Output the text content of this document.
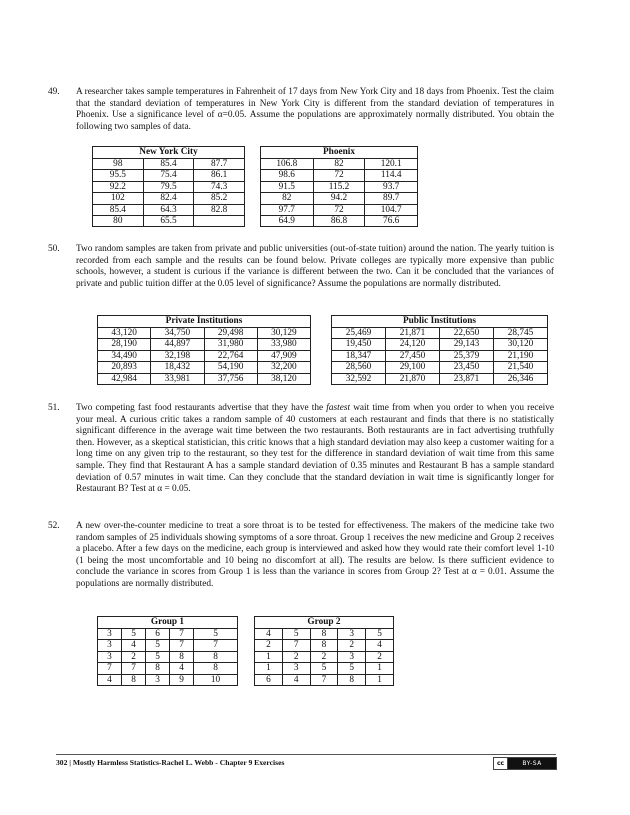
49. A researcher takes sample temperatures in Fahrenheit of 17 days from New York City and 18 days from Phoenix. Test the claim that the standard deviation of temperatures in New York City is different from the standard deviation of temperatures in Phoenix. Use a significance level of α=0.05. Assume the populations are approximately normally distributed. You obtain the following two samples of data.

New York City		
98	85.4	87.7
95.5	75.4	86.1
92.2	79.5	74.3
102	82.4	85.2
85.4	64.3	82.8
80	65.5	
Phoenix		
106.8	82	120.1
98.6	72	114.4
91.5	115.2	93.7
82	94.2	89.7
97.7	72	104.7
64.9	86.8	76.6
50. Two random samples are taken from private and public universities (out-of-state tuition) around the nation. The yearly tuition is recorded from each sample and the results can be found below. Private colleges are typically more expensive than public schools, however, a student is curious if the variance is different between the two. Can it be concluded that the variances of private and public tuition differ at the 0.05 level of significance? Assume the populations are normally distributed.

Private Institutions			
43,120	34,750	29,498	30,129
28,190	44,897	31,980	33,980
34,490	32,198	22,764	47,909
20,893	18,432	54,190	32,200
42,984	33,981	37,756	38,120
Public Institutions			
25,469	21,871	22,650	28,745
19,450	24,120	29,143	30,120
18,347	27,450	25,379	21,190
28,560	29,100	23,450	21,540
32,592	21,870	23,871	26,346
51. Two competing fast food restaurants advertise that they have the fastest wait time from when you order to when you receive your meal. A curious critic takes a random sample of 40 customers at each restaurant and finds that there is no statistically significant difference in the average wait time between the two restaurants. Both restaurants are in fact advertising truthfully then. However, as a skeptical statistician, this critic knows that a high standard deviation may also keep a customer waiting for a long time on any given trip to the restaurant, so they test for the difference in standard deviation of wait time from this same sample. They find that Restaurant A has a sample standard deviation of 0.35 minutes and Restaurant B has a sample standard deviation of 0.57 minutes in wait time. Can they conclude that the standard deviation in wait time is significantly longer for Restaurant B? Test at α = 0.05.

52. A new over-the-counter medicine to treat a sore throat is to be tested for effectiveness. The makers of the medicine take two random samples of 25 individuals showing symptoms of a sore throat. Group 1 receives the new medicine and Group 2 receives a placebo. After a few days on the medicine, each group is interviewed and asked how they would rate their comfort level 1-10 (1 being the most uncomfortable and 10 being no discomfort at all). The results are below. Is there sufficient evidence to conclude the variance in scores from Group 1 is less than the variance in scores from Group 2? Test at α = 0.01. Assume the populations are normally distributed.

Group 1				
3	5	6	7	5
3	4	5	7	7
3	2	5	8	8
7	7	8	4	8
4	8	3	9	10
Group 2				
4	5	8	3	5
2	7	8	2	4
1	2	2	3	2
1	3	5	5	1
6	4	7	8	1
302 | Mostly Harmless Statistics-Rachel L. Webb - Chapter 9 Exercises	cc	BY-SA
